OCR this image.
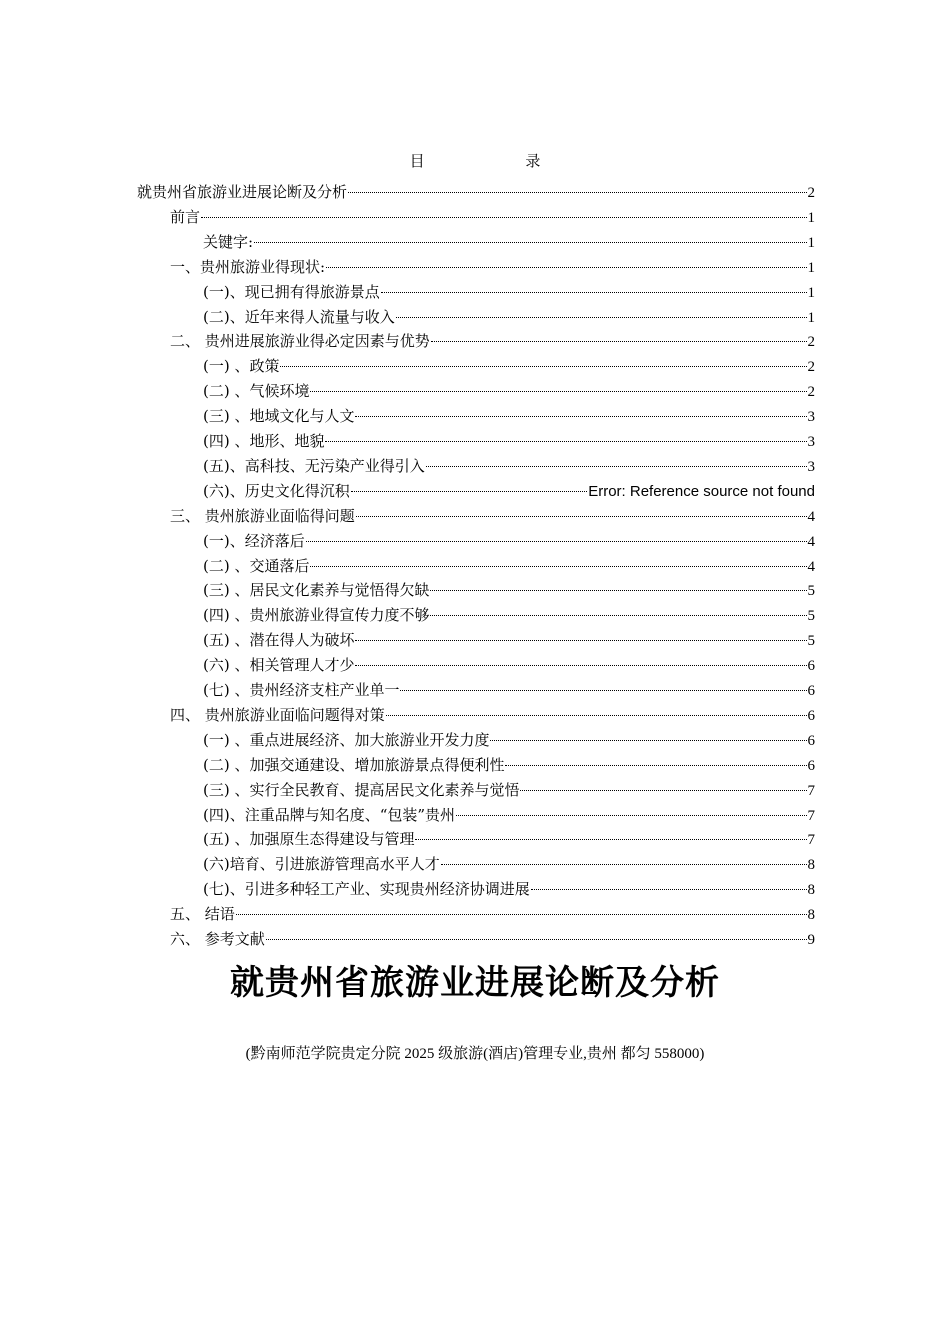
目 录
就贵州省旅游业进展论断及分析	2
前言	1
关键字:	1
一、贵州旅游业得现状:	1
(一)、现已拥有得旅游景点	1
(二)、近年来得人流量与收入	1
二、 贵州进展旅游业得必定因素与优势	2
(一) 、政策	2
(二) 、气候环境	2
(三) 、地域文化与人文	3
(四) 、地形、地貌	3
(五)、高科技、无污染产业得引入	3
(六)、历史文化得沉积	Error: Reference source not found
三、 贵州旅游业面临得问题	4
(一)、经济落后	4
(二) 、交通落后	4
(三) 、居民文化素养与觉悟得欠缺	5
(四) 、贵州旅游业得宣传力度不够	5
(五) 、潜在得人为破坏	5
(六) 、相关管理人才少	6
(七) 、贵州经济支柱产业单一	6
四、 贵州旅游业面临问题得对策	6
(一) 、重点进展经济、加大旅游业开发力度	6
(二) 、加强交通建设、增加旅游景点得便利性	6
(三) 、实行全民教育、提高居民文化素养与觉悟	7
(四)、注重品牌与知名度、“包装”贵州	7
(五) 、加强原生态得建设与管理	7
(六)培育、引进旅游管理高水平人才	8
(七)、引进多种轻工产业、实现贵州经济协调进展	8
五、 结语	8
六、 参考文献	9
就贵州省旅游业进展论断及分析
(黔南师范学院贵定分院 2025 级旅游(酒店)管理专业,贵州 都匀 558000)
